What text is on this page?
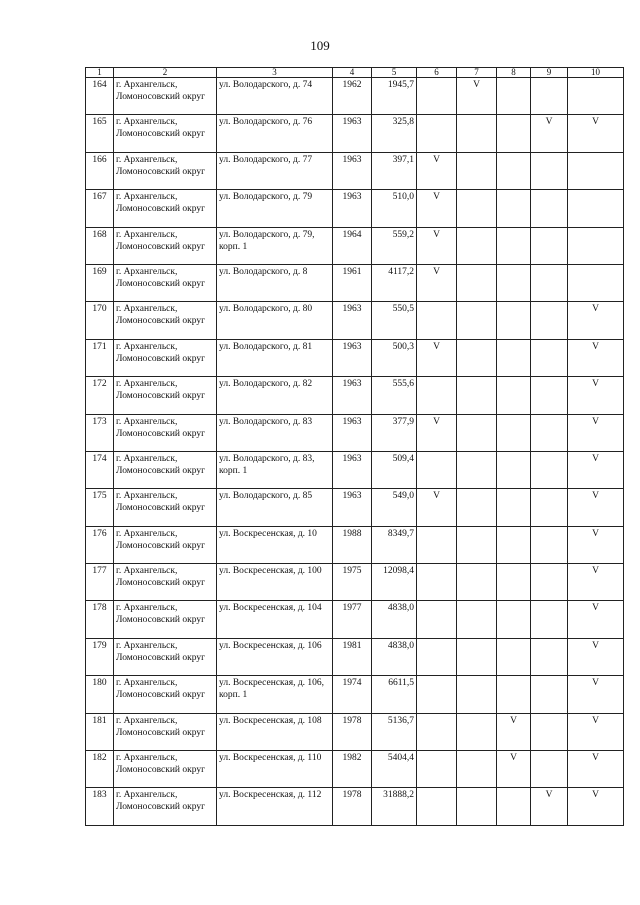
109
1	2	3	4	5	6	7	8	9	10
164	г. Архангельск, Ломоносовский округ	ул. Володарского, д. 74	1962	1945,7		V			
165	г. Архангельск, Ломоносовский округ	ул. Володарского, д. 76	1963	325,8				V	V
166	г. Архангельск, Ломоносовский округ	ул. Володарского, д. 77	1963	397,1	V				
167	г. Архангельск, Ломоносовский округ	ул. Володарского, д. 79	1963	510,0	V				
168	г. Архангельск, Ломоносовский округ	ул. Володарского, д. 79, корп. 1	1964	559,2	V				
169	г. Архангельск, Ломоносовский округ	ул. Володарского, д. 8	1961	4117,2	V				
170	г. Архангельск, Ломоносовский округ	ул. Володарского, д. 80	1963	550,5					V
171	г. Архангельск, Ломоносовский округ	ул. Володарского, д. 81	1963	500,3	V				V
172	г. Архангельск, Ломоносовский округ	ул. Володарского, д. 82	1963	555,6					V
173	г. Архангельск, Ломоносовский округ	ул. Володарского, д. 83	1963	377,9	V				V
174	г. Архангельск, Ломоносовский округ	ул. Володарского, д. 83, корп. 1	1963	509,4					V
175	г. Архангельск, Ломоносовский округ	ул. Володарского, д. 85	1963	549,0	V				V
176	г. Архангельск, Ломоносовский округ	ул. Воскресенская, д. 10	1988	8349,7					V
177	г. Архангельск, Ломоносовский округ	ул. Воскресенская, д. 100	1975	12098,4					V
178	г. Архангельск, Ломоносовский округ	ул. Воскресенская, д. 104	1977	4838,0					V
179	г. Архангельск, Ломоносовский округ	ул. Воскресенская, д. 106	1981	4838,0					V
180	г. Архангельск, Ломоносовский округ	ул. Воскресенская, д. 106, корп. 1	1974	6611,5					V
181	г. Архангельск, Ломоносовский округ	ул. Воскресенская, д. 108	1978	5136,7			V		V
182	г. Архангельск, Ломоносовский округ	ул. Воскресенская, д. 110	1982	5404,4			V		V
183	г. Архангельск, Ломоносовский округ	ул. Воскресенская, д. 112	1978	31888,2				V	V
